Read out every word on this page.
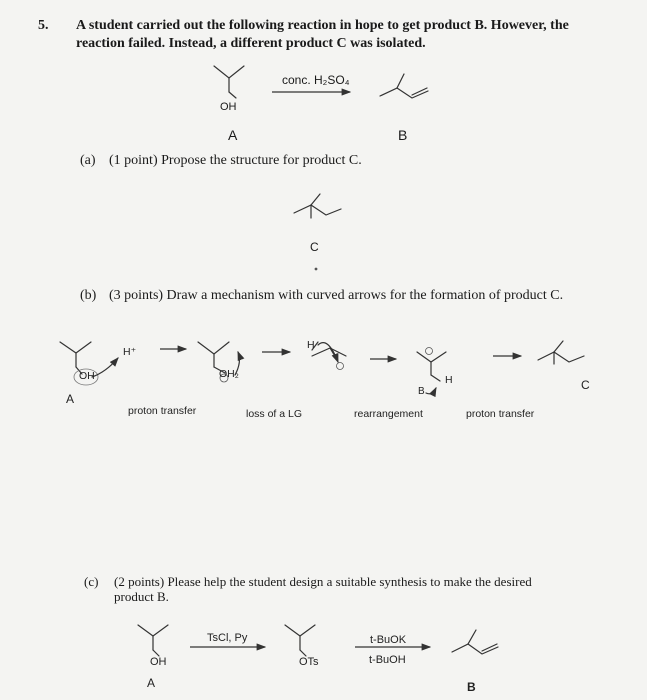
5. A student carried out the following reaction in hope to get product B. However, the
reaction failed. Instead, a different product C was isolated.
conc. H₂SO₄
OH
A	B
(a) (1 point) Propose the structure for product C.
C
(b) (3 points) Draw a mechanism with curved arrows for the formation of product C.
OH
H⁺
A
OH₂
H
B
H	C
proton transfer	loss of a LG	rearrangement	proton transfer
(c) (2 points) Please help the student design a suitable synthesis to make the desired
product B.
TsCl, Py	t-BuOK
t-BuOH
OH	OTs
A	B
